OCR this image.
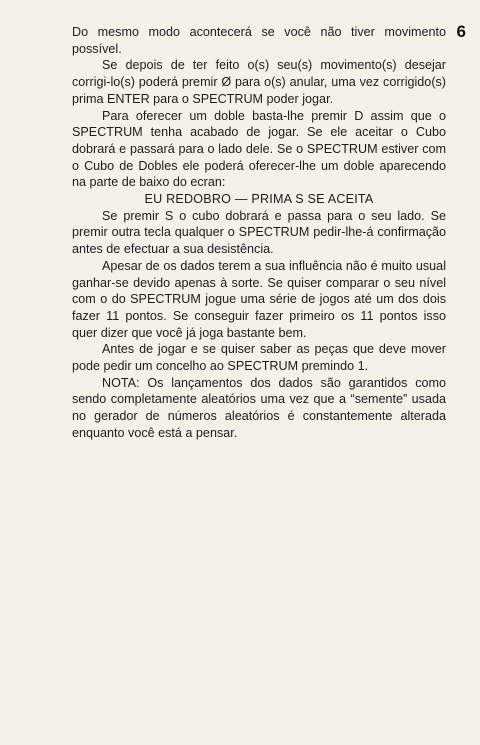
6

Do mesmo modo acontecerá se você não tiver movimento possível.

Se depois de ter feito o(s) seu(s) movimento(s) desejar corrigi-lo(s) poderá premir Ø para o(s) anular, uma vez corrigido(s) prima ENTER para o SPECTRUM poder jogar.

Para oferecer um doble basta-lhe premir D assim que o SPECTRUM tenha acabado de jogar. Se ele aceitar o Cubo dobrará e passará para o lado dele. Se o SPECTRUM estiver com o Cubo de Dobles ele poderá oferecer-lhe um doble aparecendo na parte de baixo do ecran:

EU REDOBRO — PRIMA S SE ACEITA

Se premir S o cubo dobrará e passa para o seu lado. Se premir outra tecla qualquer o SPECTRUM pedir-lhe-á confirmação antes de efectuar a sua desistência.

Apesar de os dados terem a sua influência não é muito usual ganhar-se devido apenas à sorte. Se quiser comparar o seu nível com o do SPECTRUM jogue uma série de jogos até um dos dois fazer 11 pontos. Se conseguir fazer primeiro os 11 pontos isso quer dizer que você já joga bastante bem.

Antes de jogar e se quiser saber as peças que deve mover pode pedir um concelho ao SPECTRUM premindo 1.

NOTA: Os lançamentos dos dados são garantidos como sendo completamente aleatórios uma vez que a “semente” usada no gerador de números aleatórios é constantemente alterada enquanto você está a pensar.
